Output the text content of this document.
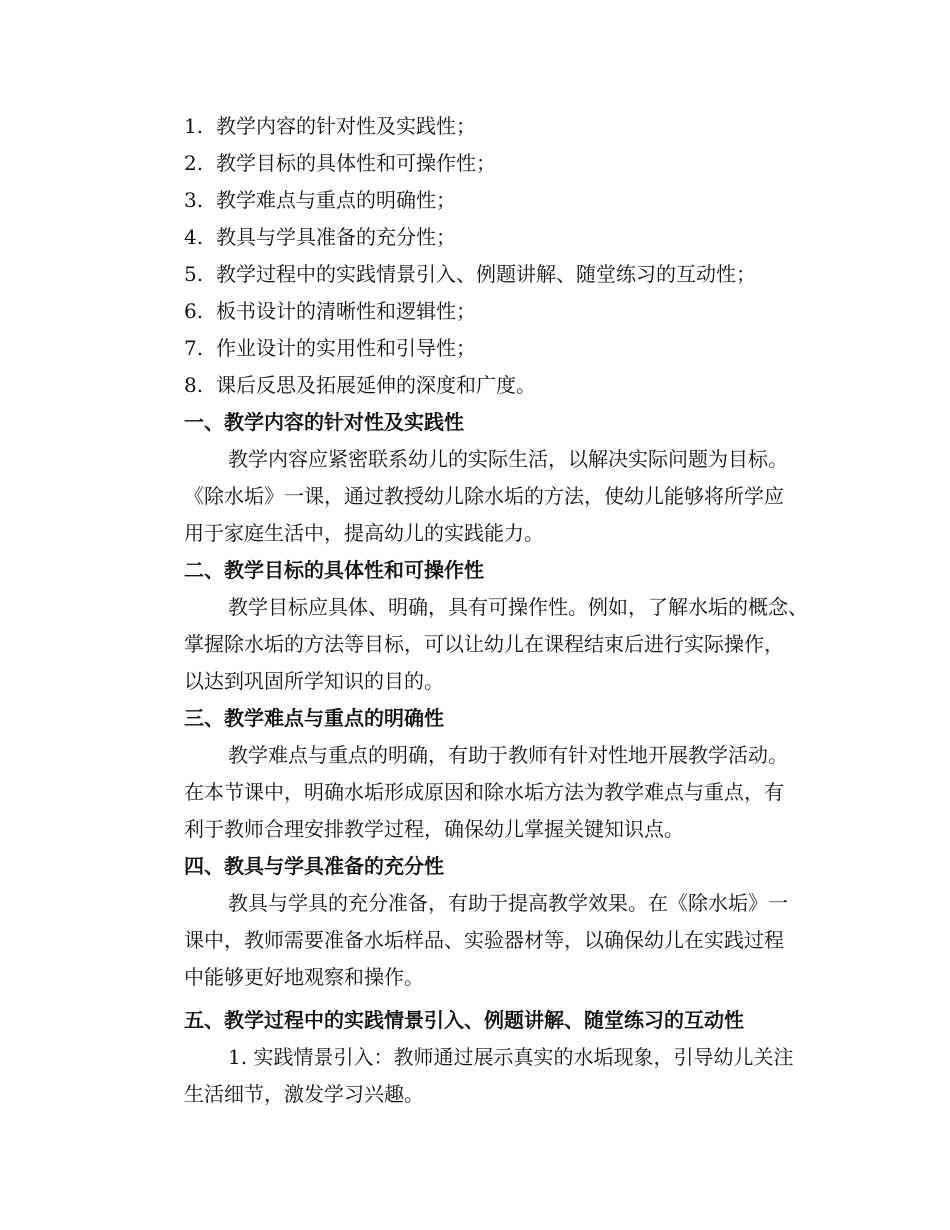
1. 教学内容的针对性及实践性；
2. 教学目标的具体性和可操作性；
3. 教学难点与重点的明确性；
4. 教具与学具准备的充分性；
5. 教学过程中的实践情景引入、例题讲解、随堂练习的互动性；
6. 板书设计的清晰性和逻辑性；
7. 作业设计的实用性和引导性；
8. 课后反思及拓展延伸的深度和广度。
一、教学内容的针对性及实践性
教学内容应紧密联系幼儿的实际生活，以解决实际问题为目标。
《除水垢》一课，通过教授幼儿除水垢的方法，使幼儿能够将所学应
用于家庭生活中，提高幼儿的实践能力。
二、教学目标的具体性和可操作性
教学目标应具体、明确，具有可操作性。例如，了解水垢的概念、
掌握除水垢的方法等目标，可以让幼儿在课程结束后进行实际操作，
以达到巩固所学知识的目的。
三、教学难点与重点的明确性
教学难点与重点的明确，有助于教师有针对性地开展教学活动。
在本节课中，明确水垢形成原因和除水垢方法为教学难点与重点，有
利于教师合理安排教学过程，确保幼儿掌握关键知识点。
四、教具与学具准备的充分性
教具与学具的充分准备，有助于提高教学效果。在《除水垢》一
课中，教师需要准备水垢样品、实验器材等，以确保幼儿在实践过程
中能够更好地观察和操作。
五、教学过程中的实践情景引入、例题讲解、随堂练习的互动性
1. 实践情景引入：教师通过展示真实的水垢现象，引导幼儿关注
生活细节，激发学习兴趣。
